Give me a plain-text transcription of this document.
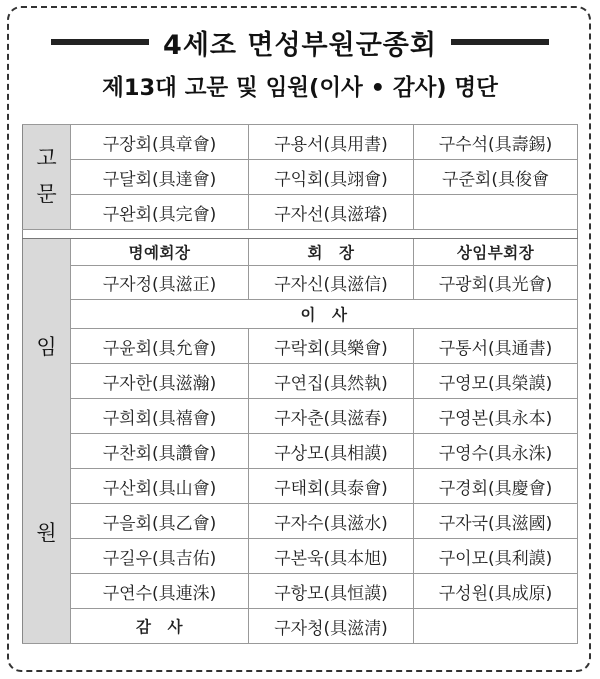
4세조 면성부원군종회
제13대 고문 및 임원(이사 • 감사) 명단
고
문	구장회(具章會)	구용서(具用書)	구수석(具壽錫)
	구달회(具達會)	구익회(具翊會)	구준회(具俊會
	구완회(具完會)	구자선(具滋璿)	

임
원	명예회장	회　장	상임부회장
	구자정(具滋正)	구자신(具滋信)	구광회(具光會)
	이　사		
	구윤회(具允會)	구락회(具樂會)	구통서(具通書)
	구자한(具滋瀚)	구연집(具然執)	구영모(具榮謨)
	구희회(具禧會)	구자춘(具滋春)	구영본(具永本)
	구찬회(具讚會)	구상모(具相謨)	구영수(具永洙)
	구산회(具山會)	구태회(具泰會)	구경회(具慶會)
	구을회(具乙會)	구자수(具滋水)	구자국(具滋國)
	구길우(具吉佑)	구본욱(具本旭)	구이모(具利謨)
	구연수(具連洙)	구항모(具恒謨)	구성원(具成原)
	감　사	구자청(具滋淸)	
